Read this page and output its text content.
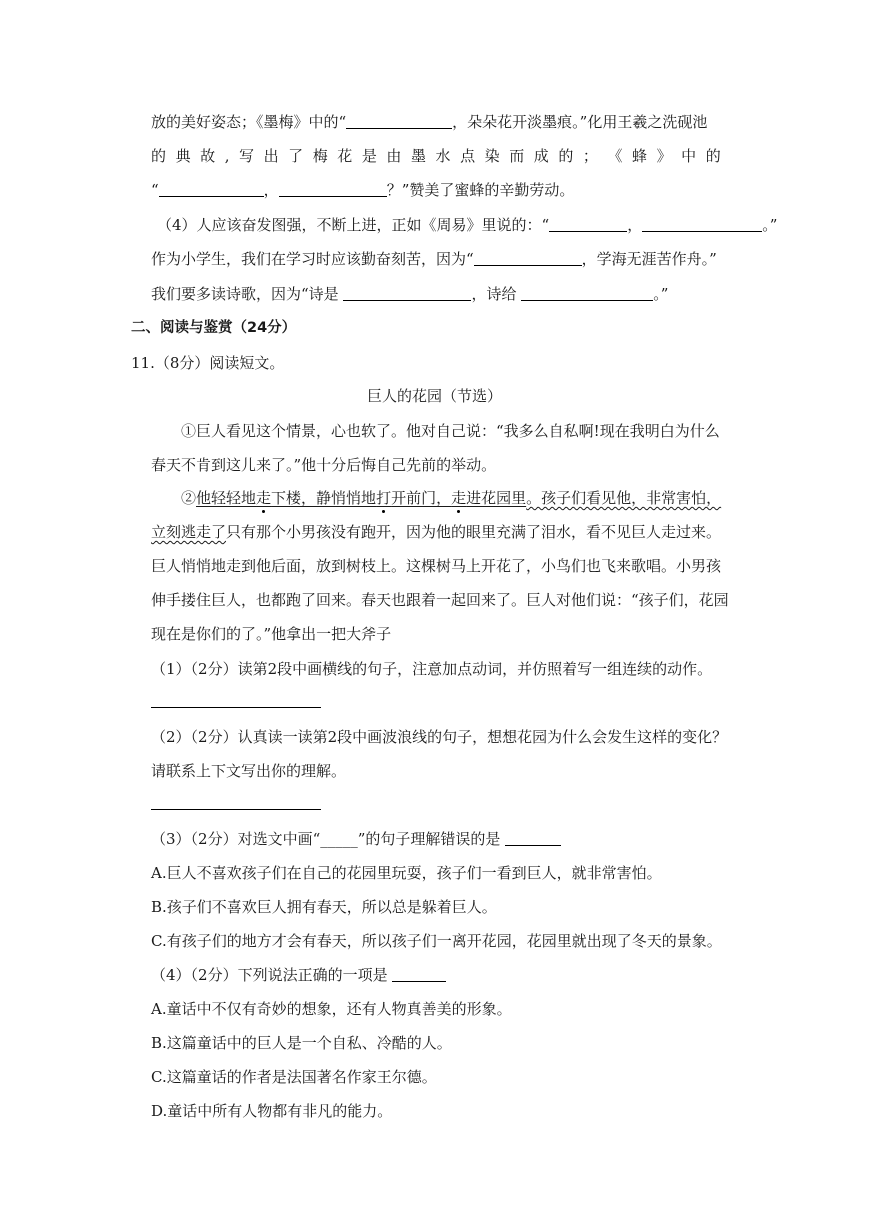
放的美好姿态；《墨梅》中的“	，朵朵花开淡墨痕。”化用王羲之洗砚池
的 典 故 , 写 出 了 梅 花 是 由 墨 水 点 染 而 成 的 ； 《 蜂 》 中 的
“	，	？”赞美了蜜蜂的辛勤劳动。
（4）人应该奋发图强，不断上进，正如《周易》里说的：“	，	。”
作为小学生，我们在学习时应该勤奋刻苦，因为“	，学海无涯苦作舟。”
我们要多读诗歌，因为“诗是	，诗给	。”
二、阅读与鉴赏（24分）
11.（8分）阅读短文。
巨人的花园（节选）
①巨人看见这个情景，心也软了。他对自己说：“我多么自私啊!现在我明白为什么
春天不肯到这儿来了。”他十分后悔自己先前的举动。
②他轻轻地走下楼，静悄悄地打开前门，走进花园里。孩子们看见他，非常害怕，
立刻逃走了只有那个小男孩没有跑开，因为他的眼里充满了泪水，看不见巨人走过来。
巨人悄悄地走到他后面，放到树枝上。这棵树马上开花了，小鸟们也飞来歌唱。小男孩
伸手搂住巨人，也都跑了回来。春天也跟着一起回来了。巨人对他们说：“孩子们，花园
现在是你们的了。”他拿出一把大斧子
（1）（2分）读第2段中画横线的句子，注意加点动词，并仿照着写一组连续的动作。
（2）（2分）认真读一读第2段中画波浪线的句子，想想花园为什么会发生这样的变化？
请联系上下文写出你的理解。
（3）（2分）对选文中画“_____”的句子理解错误的是
A.巨人不喜欢孩子们在自己的花园里玩耍，孩子们一看到巨人，就非常害怕。
B.孩子们不喜欢巨人拥有春天，所以总是躲着巨人。
C.有孩子们的地方才会有春天，所以孩子们一离开花园，花园里就出现了冬天的景象。
（4）（2分）下列说法正确的一项是
A.童话中不仅有奇妙的想象，还有人物真善美的形象。
B.这篇童话中的巨人是一个自私、冷酷的人。
C.这篇童话的作者是法国著名作家王尔德。
D.童话中所有人物都有非凡的能力。
